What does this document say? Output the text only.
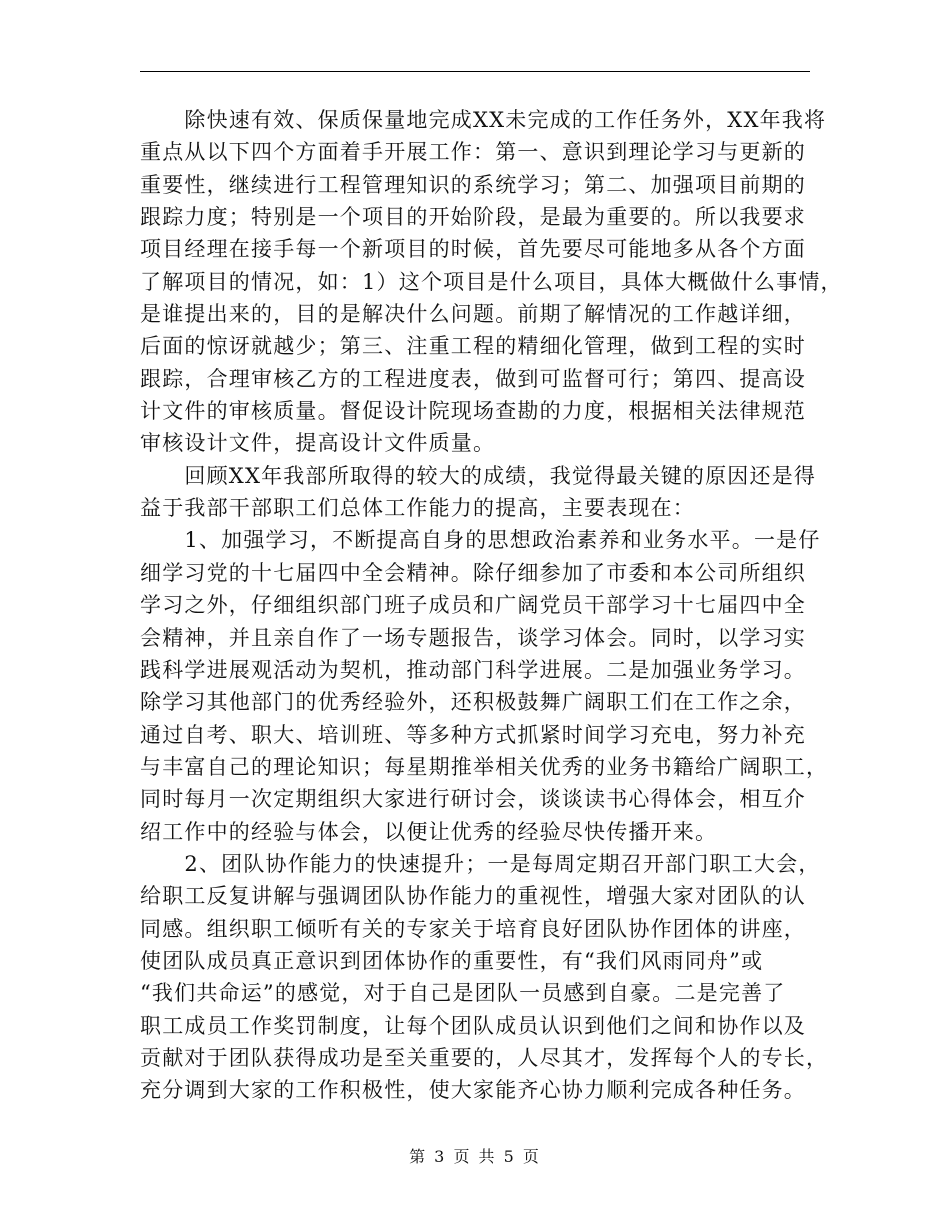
　　除快速有效、保质保量地完成XX未完成的工作任务外，XX年我将
重点从以下四个方面着手开展工作：第一、意识到理论学习与更新的
重要性，继续进行工程管理知识的系统学习；第二、加强项目前期的
跟踪力度；特别是一个项目的开始阶段，是最为重要的。所以我要求
项目经理在接手每一个新项目的时候，首先要尽可能地多从各个方面
了解项目的情况，如：1）这个项目是什么项目，具体大概做什么事情，
是谁提出来的，目的是解决什么问题。前期了解情况的工作越详细，
后面的惊讶就越少；第三、注重工程的精细化管理，做到工程的实时
跟踪，合理审核乙方的工程进度表，做到可监督可行；第四、提高设
计文件的审核质量。督促设计院现场查勘的力度，根据相关法律规范
审核设计文件，提高设计文件质量。
　　回顾XX年我部所取得的较大的成绩，我觉得最关键的原因还是得
益于我部干部职工们总体工作能力的提高，主要表现在：
　　1、加强学习，不断提高自身的思想政治素养和业务水平。一是仔
细学习党的十七届四中全会精神。除仔细参加了市委和本公司所组织
学习之外，仔细组织部门班子成员和广阔党员干部学习十七届四中全
会精神，并且亲自作了一场专题报告，谈学习体会。同时，以学习实
践科学进展观活动为契机，推动部门科学进展。二是加强业务学习。
除学习其他部门的优秀经验外，还积极鼓舞广阔职工们在工作之余，
通过自考、职大、培训班、等多种方式抓紧时间学习充电，努力补充
与丰富自己的理论知识；每星期推举相关优秀的业务书籍给广阔职工，
同时每月一次定期组织大家进行研讨会，谈谈读书心得体会，相互介
绍工作中的经验与体会，以便让优秀的经验尽快传播开来。
　　2、团队协作能力的快速提升；一是每周定期召开部门职工大会，
给职工反复讲解与强调团队协作能力的重视性，增强大家对团队的认
同感。组织职工倾听有关的专家关于培育良好团队协作团体的讲座，
使团队成员真正意识到团体协作的重要性，有“我们风雨同舟”或
“我们共命运”的感觉，对于自己是团队一员感到自豪。二是完善了
职工成员工作奖罚制度，让每个团队成员认识到他们之间和协作以及
贡献对于团队获得成功是至关重要的，人尽其才，发挥每个人的专长，
充分调到大家的工作积极性，使大家能齐心协力顺利完成各种任务。
第 3 页 共 5 页
